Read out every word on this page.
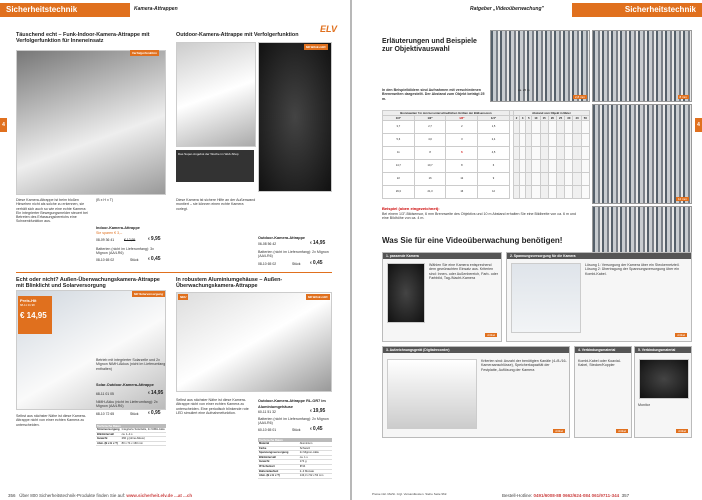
Sicherheitstechnik	Kamera-Attrappen
4
Täuschend echt – Funk-Indoor-Kamera-Attrappe mit Verfolgerfunktion für Inneneinsatz
Verfolgerfunktion
Diese Kamera-Attrappe ist beim bloßen Hinsehen nicht als solche zu erkennen, sie verhält sich auch so wie eine echte Kamera: Ein integrierter Bewegungsmelder steuert bei Betreten des Erfassungsbereichs eine Schwenkfunktion aus.
(B x H x T)
Indoor-Kamera-Attrappe
Sie sparen € 3,–
08-09 36 41	€ 12,95	€ 9,95
Batterien (nicht im Lieferumfang): 3x Mignon (AA/LR6)
08-10 65 02	Stück	€ 0,45
Outdoor-Kamera-Attrappe mit Verfolgerfunktion
ELV
Mit Blink-LED
Das Super-Angebot der Woche im Web-Shop
Diese Kamera ist sichere Hilfe an der Außenwand montiert – sie können einen echte Kamera vorlegt.
Outdoor-Kamera-Attrappe
06-08 56 42	€ 14,95
Batterien (nicht im Lieferumfang): 2x Mignon (AA/LR6)
08-10 65 02	Stück	€ 0,45
Echt oder nicht? Außen-Überwachungskamera-Attrappe mit Blinklicht und Solarversorgung
Mit Solarversorgung
Preis-Hit
68-11 01 98
€ 14,95
Betrieb mit integrierter Solarzelle und 2x Mignon NiMH-Akkus (nicht im Lieferumfang enthalten)
Selbst aus nächster Nähe ist diese Kamera-Attrappe nicht von einer echten Kamera zu unterscheiden.
Solar-Outdoor-Kamera-Attrappe
68-11 01 05	€ 14,95
NiMH-Akku (nicht im Lieferumfang): 2x Mignon (AA/LR6)
68-10 72 65	Stück	€ 0,95
Technische Daten	
Stromversorgung	Integrierte Solarzelle, 2x NiMH-Akku
Blinkintervall	ca. 1–4 s
Gewicht	260 g (ohne Akkus)
Abm. (B x H x T)	80 x 74 x 160 mm
In robustem Aluminiumgehäuse – Außen-Überwachungskamera-Attrappe
NEU	Mit Blink-LED
Selbst aus nächster Nähe ist diese Kamera-Attrappe nicht von einer echten Kamera zu unterscheiden. Eine periodisch blinkende rote LED simuliert eine Aufnahmefunktion.
Outdoor-Kamera-Attrappe RL-OR7 im Aluminiumgehäuse
60-11 51 32	€ 19,95
Batterien (nicht im Lieferumfang): 2x Mignon (AA/LR6)
60-10 65 01	Stück	€ 0,45
Technische Daten	
Material	Aluminium
Farbe	Schwarz
Spannungsversorgung	2x Mignon-Akku
Blinkintervall	ca. 1 s
Gewicht	174 g
IP-Schutzart	IP44
Batterielaufzeit	2–3 Monate
Abm. (B x H x T)	143,3 x 52 x 53 mm
356 Über 800 Sicherheitstechnik-Produkte finden Sie auf: www.sicherheit.elv.de ...at ...ch
Ratgeber „Videoüberwachung"	Sicherheitstechnik
4
Erläuterungen und Beispiele zur Objektivauswahl
2,8 mm
ca. 25 m
8 mm
12 mm
In den Beispielbildern sind Aufnahmen mit verschiedenen Brennweiten dargestellt. Der Abstand zum Objekt beträgt 25 m.
Brennweiten f in mm bei unterschiedlichen Größen der Bildsensoren					Abstand vom Objekt in Meter									
1/3"	1/2"	1/3"	1/4"		2	3	5	10	15	20	25	30	40	50
3,7	2,7	2	1,5											
5,6	4,0	3	2,4											
11	8	6	4,5											
14,7	10,7	8	6											
22	16	12	9											
29,3	21,3	16	12											
Beispiel (oben eingezeichnet):
Bei einem 1/3"-Bildsensor, 6 mm Brennweite des Objektivs und 10 m Abstand erhalten Sie eine Bildbreite von ca. 6 m und eine Bildhöhe von ca. 4 m.
Was Sie für eine Videoüberwachung benötigen!
1. passende Kamera
Wählen Sie eine Kamera entsprechend dem gewünschten Einsatz aus. Kriterien sind: Innen- oder Außenbereich, Farb- oder Farbbild, Tag-/Nacht-Kamera
Artikel
2. Spannungsversorgung für die Kamera
Lösung 1: Versorgung der Kamera über ein Steckernetzteil. Lösung 2: Übertragung der Spannungsversorgung über ein Kombi-Kabel.
Artikel
3. Aufzeichnungsgerät (Digitalrecorder)
Kriterien sind: Anzahl der benötigten Kanäle (4-/8-/16-Kameraanschlüsse), Speicherkapazität der Festplatte, Auflösung der Kamera
Artikel
4. Verbindungsmaterial
Kombi-Kabel oder Koaxial-Kabel, Stecker/Koppler
Artikel
5. Verbindungsmaterial
Monitor
Artikel
Preise inkl. MwSt. zzgl. Versandkosten. Siehe Seite 962.	Bestell-Hotline: 0491/6008-88 0662/624-084 061/9711-344 357
